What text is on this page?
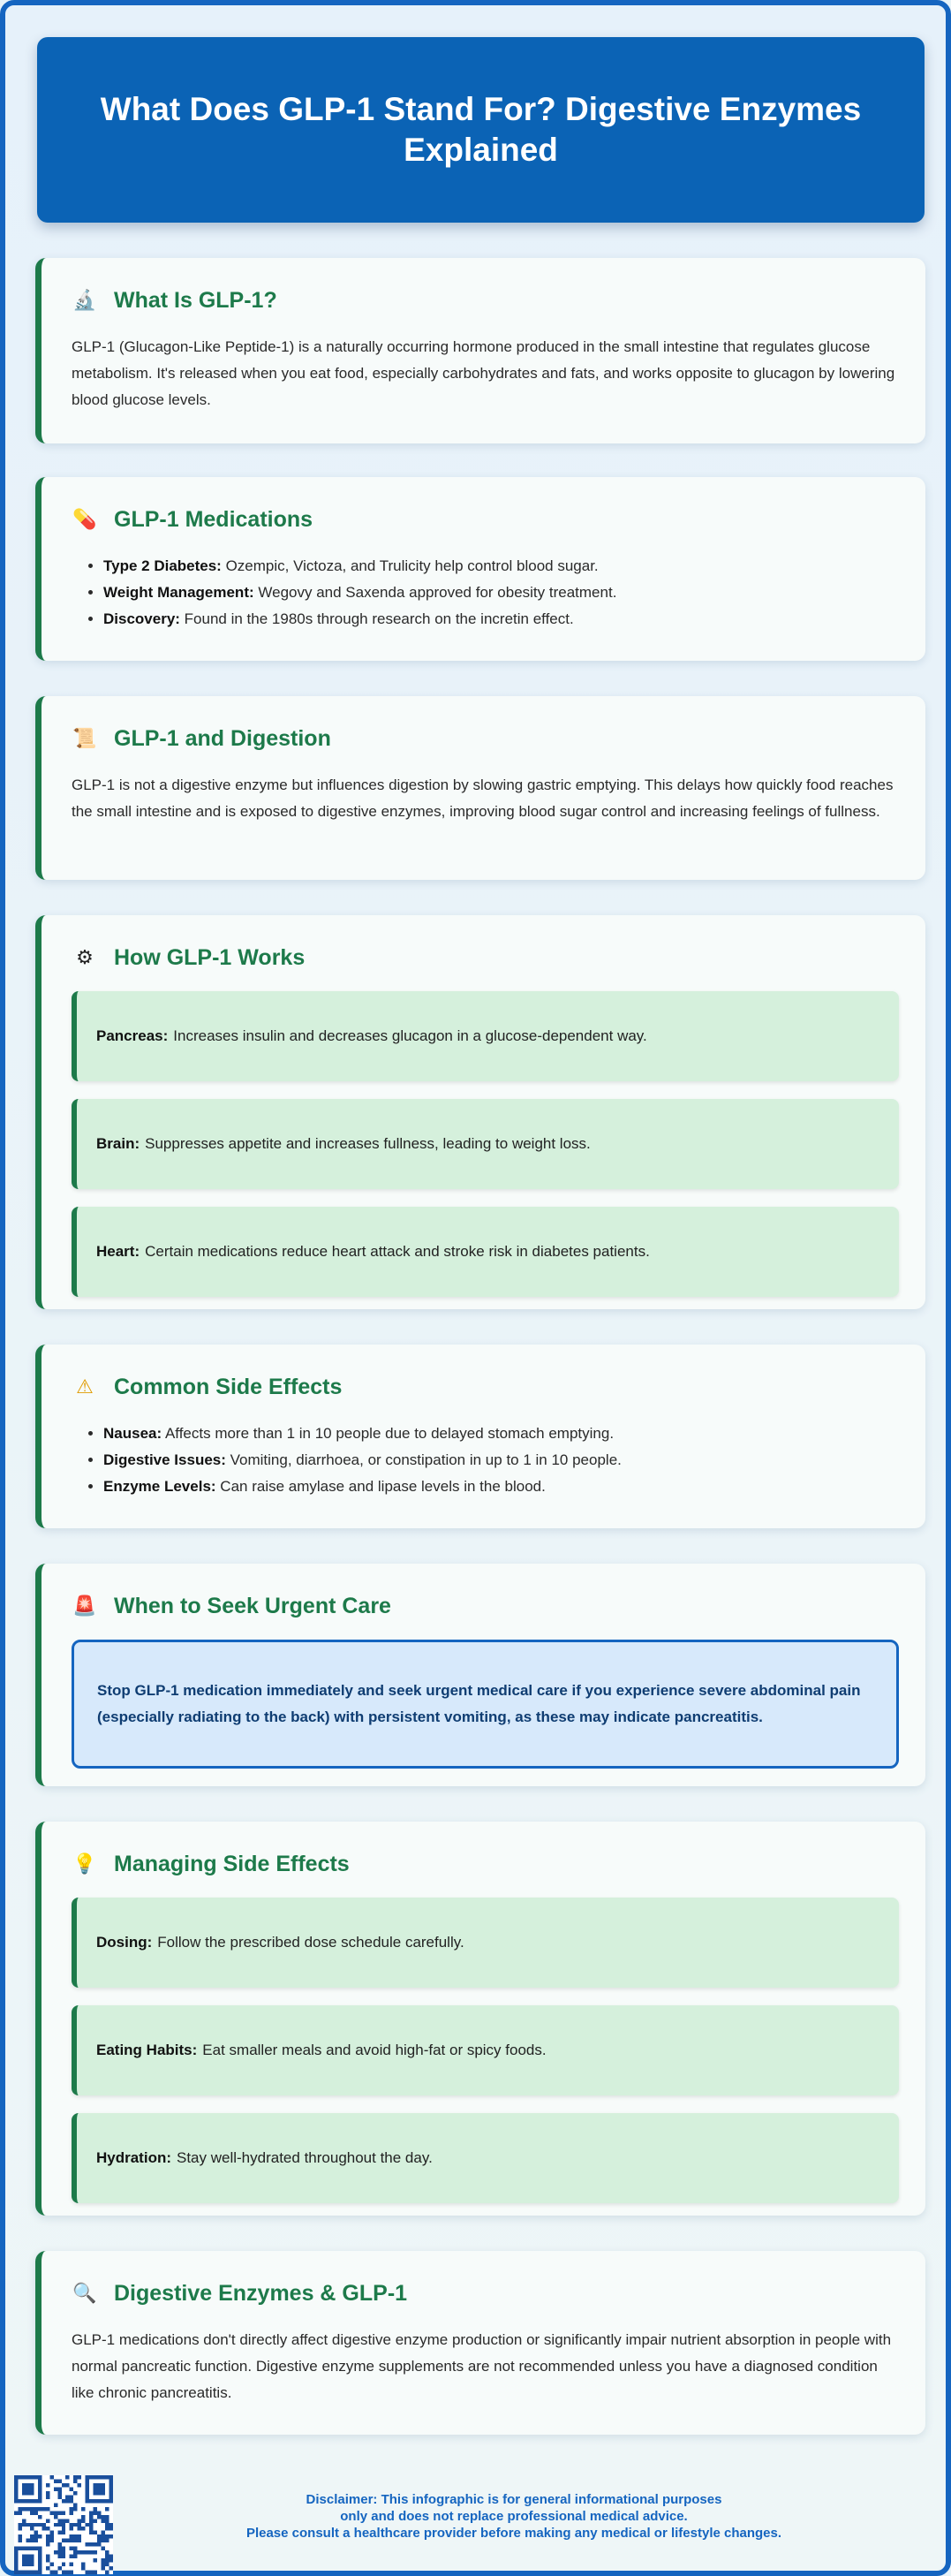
What Does GLP-1 Stand For? Digestive Enzymes Explained
🔬 What Is GLP-1?

GLP-1 (Glucagon-Like Peptide-1) is a naturally occurring hormone produced in the small intestine that regulates glucose metabolism. It's released when you eat food, especially carbohydrates and fats, and works opposite to glucagon by lowering blood glucose levels.

💊 GLP-1 Medications
• Type 2 Diabetes: Ozempic, Victoza, and Trulicity help control blood sugar.
• Weight Management: Wegovy and Saxenda approved for obesity treatment.
• Discovery: Found in the 1980s through research on the incretin effect.
📜 GLP-1 and Digestion

GLP-1 is not a digestive enzyme but influences digestion by slowing gastric emptying. This delays how quickly food reaches the small intestine and is exposed to digestive enzymes, improving blood sugar control and increasing feelings of fullness.

⚙ How GLP-1 Works
Pancreas: Increases insulin and decreases glucagon in a glucose-dependent way.
Brain: Suppresses appetite and increases fullness, leading to weight loss.
Heart: Certain medications reduce heart attack and stroke risk in diabetes patients.
⚠ Common Side Effects
• Nausea: Affects more than 1 in 10 people due to delayed stomach emptying.
• Digestive Issues: Vomiting, diarrhoea, or constipation in up to 1 in 10 people.
• Enzyme Levels: Can raise amylase and lipase levels in the blood.
🚨 When to Seek Urgent Care
Stop GLP-1 medication immediately and seek urgent medical care if you experience severe abdominal pain (especially radiating to the back) with persistent vomiting, as these may indicate pancreatitis.
💡 Managing Side Effects
Dosing: Follow the prescribed dose schedule carefully.
Eating Habits: Eat smaller meals and avoid high-fat or spicy foods.
Hydration: Stay well-hydrated throughout the day.
🔍 Digestive Enzymes & GLP-1

GLP-1 medications don't directly affect digestive enzyme production or significantly impair nutrient absorption in people with normal pancreatic function. Digestive enzyme supplements are not recommended unless you have a diagnosed condition like chronic pancreatitis.

Disclaimer: This infographic is for general informational purposes
only and does not replace professional medical advice.
Please consult a healthcare provider before making any medical or lifestyle changes.
